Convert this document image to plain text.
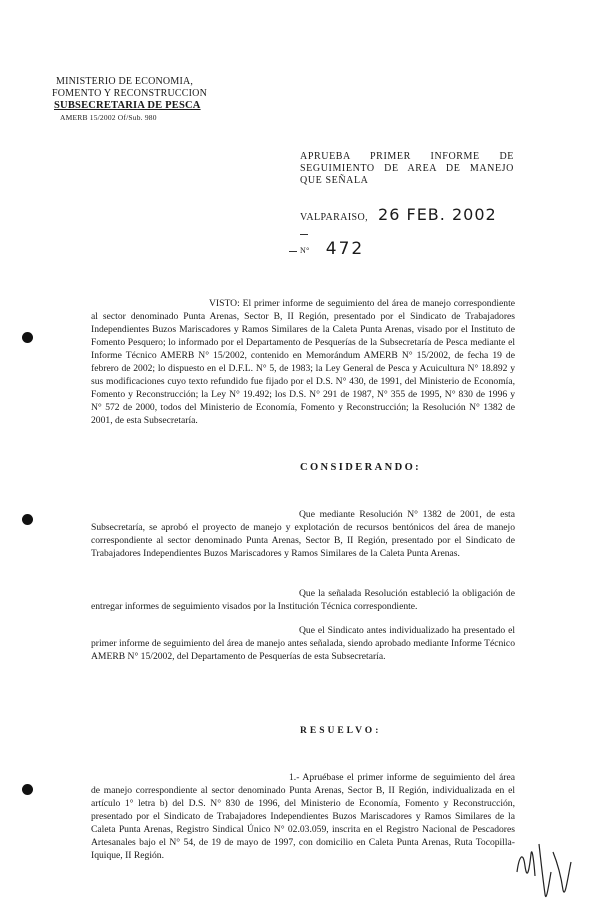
MINISTERIO DE ECONOMIA,
FOMENTO Y RECONSTRUCCION
SUBSECRETARIA DE PESCA
AMERB 15/2002 Of/Sub. 980
APRUEBA PRIMER INFORME DE SEGUIMIENTO DE AREA DE MANEJO QUE SEÑALA
VALPARAISO, 26 FEB. 2002
N° 472
VISTO: El primer informe de seguimiento del área de manejo correspondiente al sector denominado Punta Arenas, Sector B, II Región, presentado por el Sindicato de Trabajadores Independientes Buzos Mariscadores y Ramos Similares de la Caleta Punta Arenas, visado por el Instituto de Fomento Pesquero; lo informado por el Departamento de Pesquerías de la Subsecretaría de Pesca mediante el Informe Técnico AMERB N° 15/2002, contenido en Memorándum AMERB N° 15/2002, de fecha 19 de febrero de 2002; lo dispuesto en el D.F.L. N° 5, de 1983; la Ley General de Pesca y Acuicultura N° 18.892 y sus modificaciones cuyo texto refundido fue fijado por el D.S. N° 430, de 1991, del Ministerio de Economía, Fomento y Reconstrucción; la Ley N° 19.492; los D.S. N° 291 de 1987, N° 355 de 1995, N° 830 de 1996 y N° 572 de 2000, todos del Ministerio de Economía, Fomento y Reconstrucción; la Resolución N° 1382 de 2001, de esta Subsecretaría.
CONSIDERANDO:
Que mediante Resolución N° 1382 de 2001, de esta Subsecretaría, se aprobó el proyecto de manejo y explotación de recursos bentónicos del área de manejo correspondiente al sector denominado Punta Arenas, Sector B, II Región, presentado por el Sindicato de Trabajadores Independientes Buzos Mariscadores y Ramos Similares de la Caleta Punta Arenas.
Que la señalada Resolución estableció la obligación de entregar informes de seguimiento visados por la Institución Técnica correspondiente.
Que el Sindicato antes individualizado ha presentado el primer informe de seguimiento del área de manejo antes señalada, siendo aprobado mediante Informe Técnico AMERB N° 15/2002, del Departamento de Pesquerías de esta Subsecretaría.
RESUELVO:
1.- Apruébase el primer informe de seguimiento del área de manejo correspondiente al sector denominado Punta Arenas, Sector B, II Región, individualizada en el artículo 1° letra b) del D.S. N° 830 de 1996, del Ministerio de Economía, Fomento y Reconstrucción, presentado por el Sindicato de Trabajadores Independientes Buzos Mariscadores y Ramos Similares de la Caleta Punta Arenas, Registro Sindical Único N° 02.03.059, inscrita en el Registro Nacional de Pescadores Artesanales bajo el N° 54, de 19 de mayo de 1997, con domicilio en Caleta Punta Arenas, Ruta Tocopilla-Iquique, II Región.
